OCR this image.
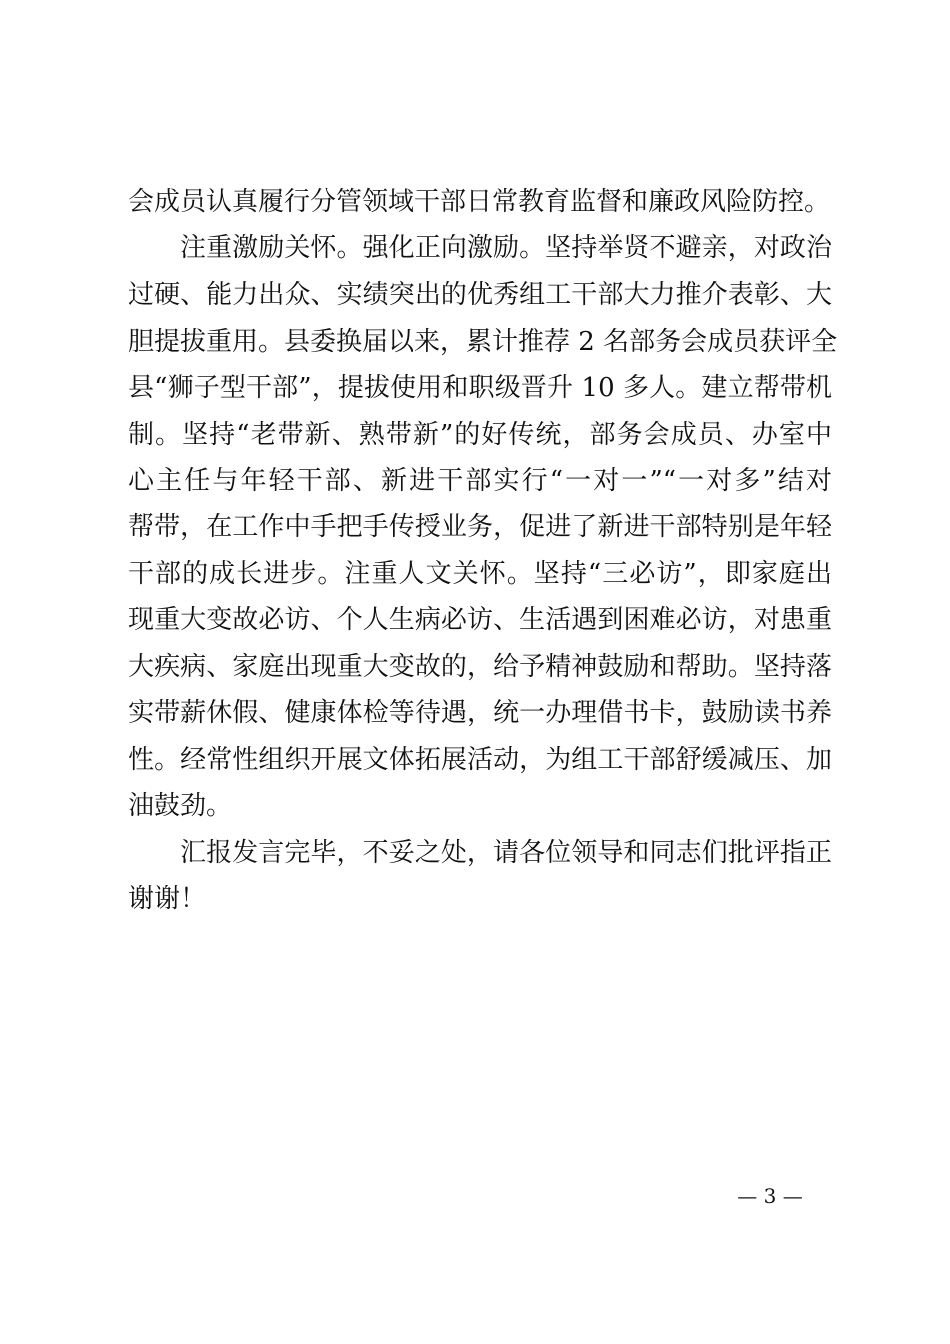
会成员认真履行分管领域干部日常教育监督和廉政风险防控。
注重激励关怀。强化正向激励。坚持举贤不避亲，对政治
过硬、能力出众、实绩突出的优秀组工干部大力推介表彰、大
胆提拔重用。县委换届以来，累计推荐 2 名部务会成员获评全
县“狮子型干部”，提拔使用和职级晋升 10 多人。建立帮带机
制。坚持“老带新、熟带新”的好传统，部务会成员、办室中
心主任与年轻干部、新进干部实行“一对一”“一对多”结对
帮带，在工作中手把手传授业务，促进了新进干部特别是年轻
干部的成长进步。注重人文关怀。坚持“三必访”，即家庭出
现重大变故必访、个人生病必访、生活遇到困难必访，对患重
大疾病、家庭出现重大变故的，给予精神鼓励和帮助。坚持落
实带薪休假、健康体检等待遇，统一办理借书卡，鼓励读书养
性。经常性组织开展文体拓展活动，为组工干部舒缓减压、加
油鼓劲。
汇报发言完毕，不妥之处，请各位领导和同志们批评指正
谢谢！
— 3 —
